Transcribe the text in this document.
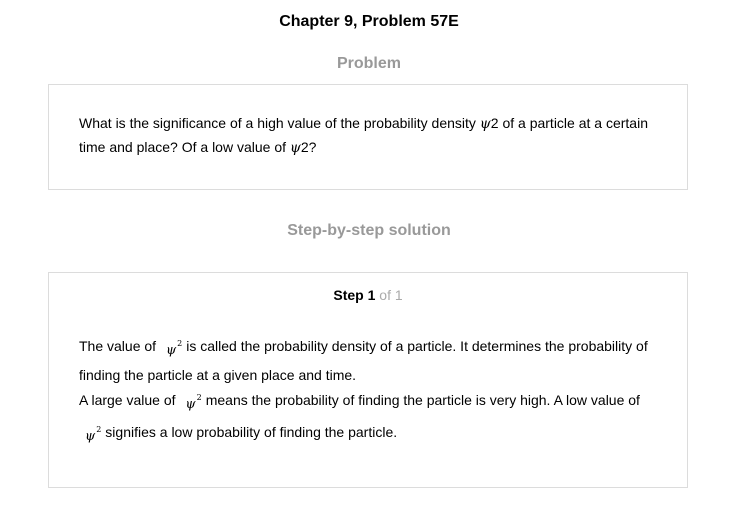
Chapter 9, Problem 57E
Problem

What is the significance of a high value of the probability density ψ2 of a particle at a certain time and place? Of a low value of ψ2?

Step-by-step solution
Step 1 of 1

The value of $\psi^2$ is called the probability density of a particle. It determines the probability of finding the particle at a given place and time.

A large value of $\psi^2$ means the probability of finding the particle is very high. A low value of
$\psi^2$ signifies a low probability of finding the particle.
